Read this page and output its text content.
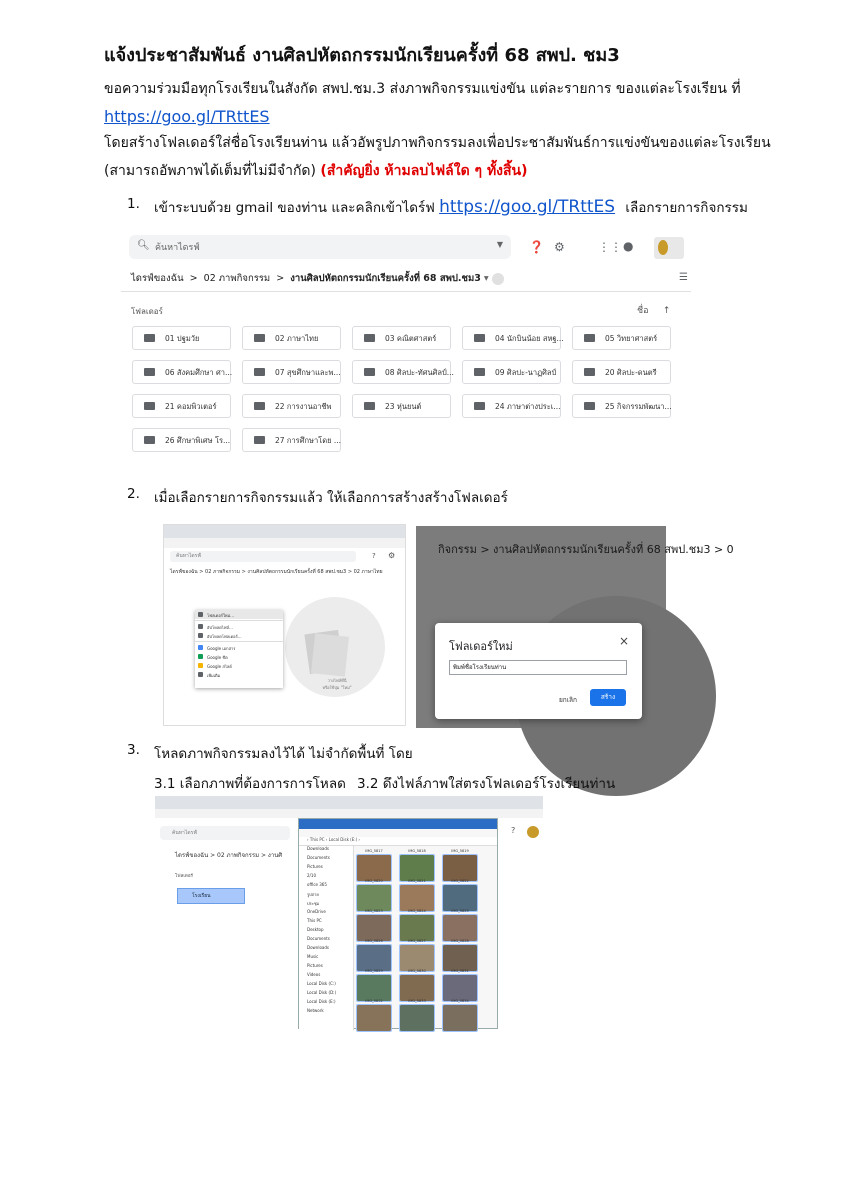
แจ้งประชาสัมพันธ์ งานศิลปหัตถกรรมนักเรียนครั้งที่ 68 สพป. ชม3
ขอความร่วมมือทุกโรงเรียนในสังกัด สพป.ชม.3 ส่งภาพกิจกรรมแข่งขัน แต่ละรายการ ของแต่ละโรงเรียน ที่
https://goo.gl/TRttES
โดยสร้างโฟลเดอร์ใส่ชื่อโรงเรียนท่าน แล้วอัพรูปภาพกิจกรรมลงเพื่อประชาสัมพันธ์การแข่งขันของแต่ละโรงเรียน
(สามารถอัพภาพได้เต็มที่ไม่มีจำกัด) (สำคัญยิ่ง ห้ามลบไฟล์ใด ๆ ทั้งสิ้น)
1. เข้าระบบด้วย gmail ของท่าน และคลิกเข้าไดร์ฟ https://goo.gl/TRttES เลือกรายการกิจกรรม
🔍︎ ค้นหาไดรฟ์	▼ ❓ ⚙	⋮⋮ ●
ไดรฟ์ของฉัน > 02 ภาพกิจกรรม > งานศิลปหัตถกรรมนักเรียนครั้งที่ 68 สพป.ชม3 ▾	☰
โฟลเดอร์	ชื่อ     ↑
01 ปฐมวัย	02 ภาษาไทย	03 คณิตศาสตร์	04 นักบินน้อย สหฐ...	05 วิทยาศาสตร์
06 สังคมศึกษา ศา...	07 สุขศึกษาและพ...	08 ศิลปะ-ทัศนศิลป์...	09 ศิลปะ-นาฏศิลป์	20 ศิลปะ-ดนตรี
21 คอมพิวเตอร์	22 การงานอาชีพ	23 หุ่นยนต์	24 ภาษาต่างประเ...	25 กิจกรรมพัฒนา...
26 ศึกษาพิเศษ โร...	27 การศึกษาโดย ...
2. เมื่อเลือกรายการกิจกรรมแล้ว ให้เลือกการสร้างสร้างโฟลเดอร์
ค้นหาไดรฟ์	? ⚙
ไดรฟ์ของฉัน > 02 ภาพกิจกรรม > งานศิลปหัตถกรรมนักเรียนครั้งที่ 68 สพป.ชม3 > 02 ภาษาไทย
วางไฟล์ที่นี่
หรือใช้ปุ่ม "ใหม่"
โฟลเดอร์ใหม่...
อัปโหลดไฟล์...
อัปโหลดโฟลเดอร์...
Google เอกสาร
Google ชีต
Google สไลด์
เพิ่มเติม
กิจกรรม > งานศิลปหัตถกรรมนักเรียนครั้งที่ 68 สพป.ชม3 > 0
โฟลเดอร์ใหม่	×
พิมพ์ชื่อโรงเรียนท่าน
ยกเลิก	สร้าง
3. โหลดภาพกิจกรรมลงไว้ได้ ไม่จำกัดพื้นที่ โดย
3.1 เลือกภาพที่ต้องการการโหลด 3.2 ดึงไฟล์ภาพใส่ตรงโฟลเดอร์โรงเรียนท่าน
ค้นหาไดรฟ์
ไดรฟ์ของฉัน > 02 ภาพกิจกรรม > งานศิ
โฟลเดอร์
โรงเรียน
?
› This PC › Local Disk (E:) ›
Downloads
Documents
Pictures
2/10
office 365
รูปถ่าย
ประชุม
OneDrive
This PC
Desktop
Documents
Downloads
Music
Pictures
Videos
Local Disk (C:)
Local Disk (D:)
Local Disk (E:)
Network
IMG_5817	IMG_5818	IMG_5819
IMG_5820	IMG_5821	IMG_5822
IMG_5823	IMG_5824	IMG_5825
IMG_5826	IMG_5827	IMG_5828
IMG_5829	IMG_5830	IMG_5831
IMG_5832	IMG_5833	IMG_5834
